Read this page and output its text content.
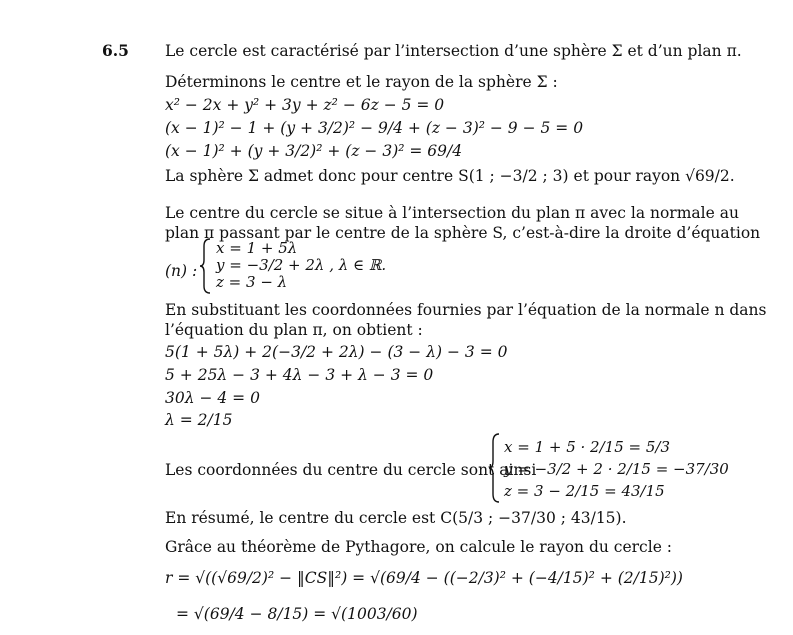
6.5 Le cercle est caractérisé par l’intersection d’une sphère Σ et d’un plan π.
Déterminons le centre et le rayon de la sphère Σ :
x² − 2x + y² + 3y + z² − 6z − 5 = 0
(x − 1)² − 1 + (y + 3/2)² − 9/4 + (z − 3)² − 9 − 5 = 0
(x − 1)² + (y + 3/2)² + (z − 3)² = 69/4
La sphère Σ admet donc pour centre S(1 ; −3/2 ; 3) et pour rayon √69/2.
Le centre du cercle se situe à l’intersection du plan π avec la normale au
plan π passant par le centre de la sphère S, c’est-à-dire la droite d’équation
(n) :
x = 1 + 5λ
y = −3/2 + 2λ , λ ∈ ℝ.
z = 3 − λ
En substituant les coordonnées fournies par l’équation de la normale n dans
l’équation du plan π, on obtient :
5(1 + 5λ) + 2(−3/2 + 2λ) − (3 − λ) − 3 = 0
5 + 25λ − 3 + 4λ − 3 + λ − 3 = 0
30λ − 4 = 0
λ = 2/15
Les coordonnées du centre du cercle sont ainsi
x = 1 + 5 · 2/15 = 5/3
y = −3/2 + 2 · 2/15 = −37/30
z = 3 − 2/15 = 43/15
En résumé, le centre du cercle est C(5/3 ; −37/30 ; 43/15).
Grâce au théorème de Pythagore, on calcule le rayon du cercle :
r = √((√69/2)² − ‖CS‖²) = √(69/4 − ((−2/3)² + (−4/15)² + (2/15)²))
= √(69/4 − 8/15) = √(1003/60)
